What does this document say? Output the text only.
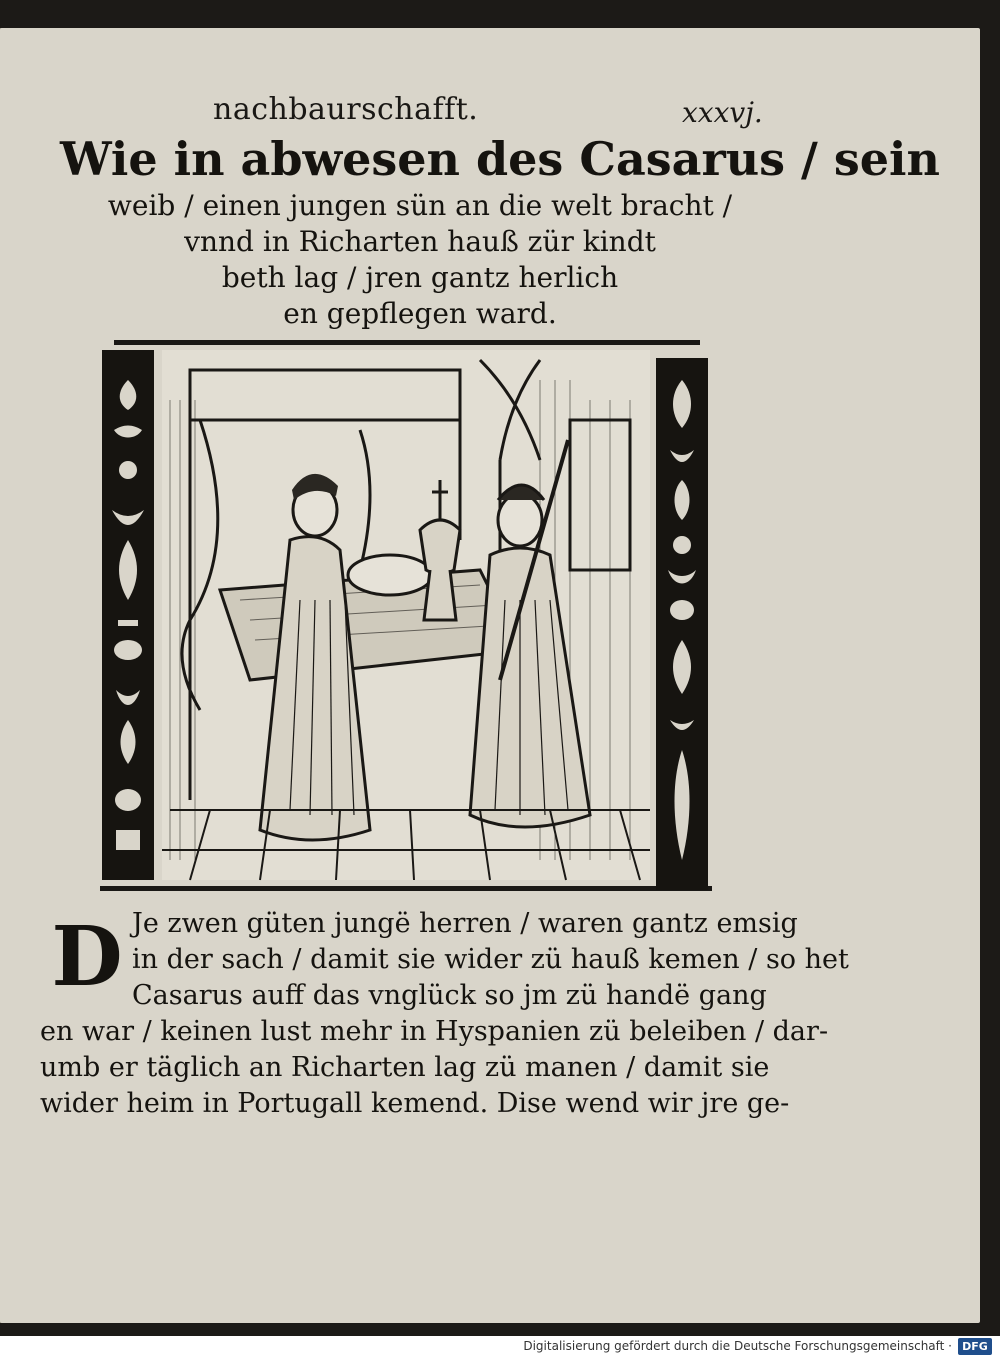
nachbaurschafft.	xxxvj.
Wie in abwesen des Casarus / sein
weib / einen jungen sün an die welt bracht /
vnnd in Richarten hauß zür kindt
beth lag / jren gantz herlich
en gepflegen ward.
D Je zwen güten jungë herren / waren gantz emsig
in der sach / damit sie wider zü hauß kemen / so het
Casarus auff das vnglück so jm zü handë gang
en war / keinen lust mehr in Hyspanien zü beleiben / dar-
umb er täglich an Richarten lag zü manen / damit sie
wider heim in Portugall kemend. Dise wend wir jre ge-
Digitalisierung gefördert durch die Deutsche Forschungsgemeinschaft · DFG
